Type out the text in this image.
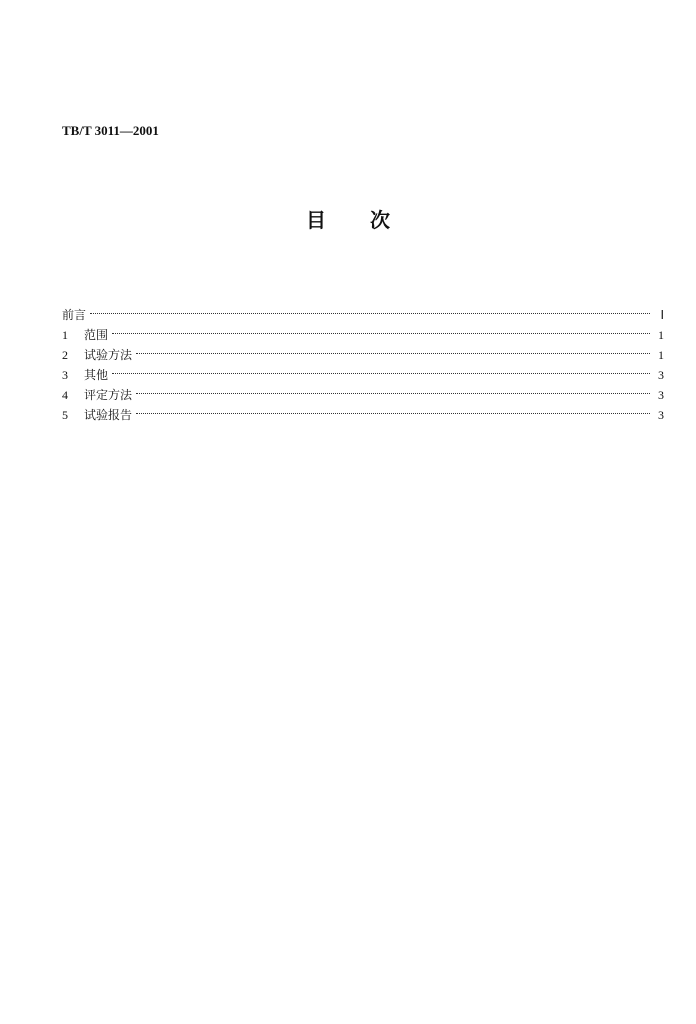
TB/T 3011—2001
目次
前言	Ⅰ
1	范围	1
2	试验方法	1
3	其他	3
4	评定方法	3
5	试验报告	3
